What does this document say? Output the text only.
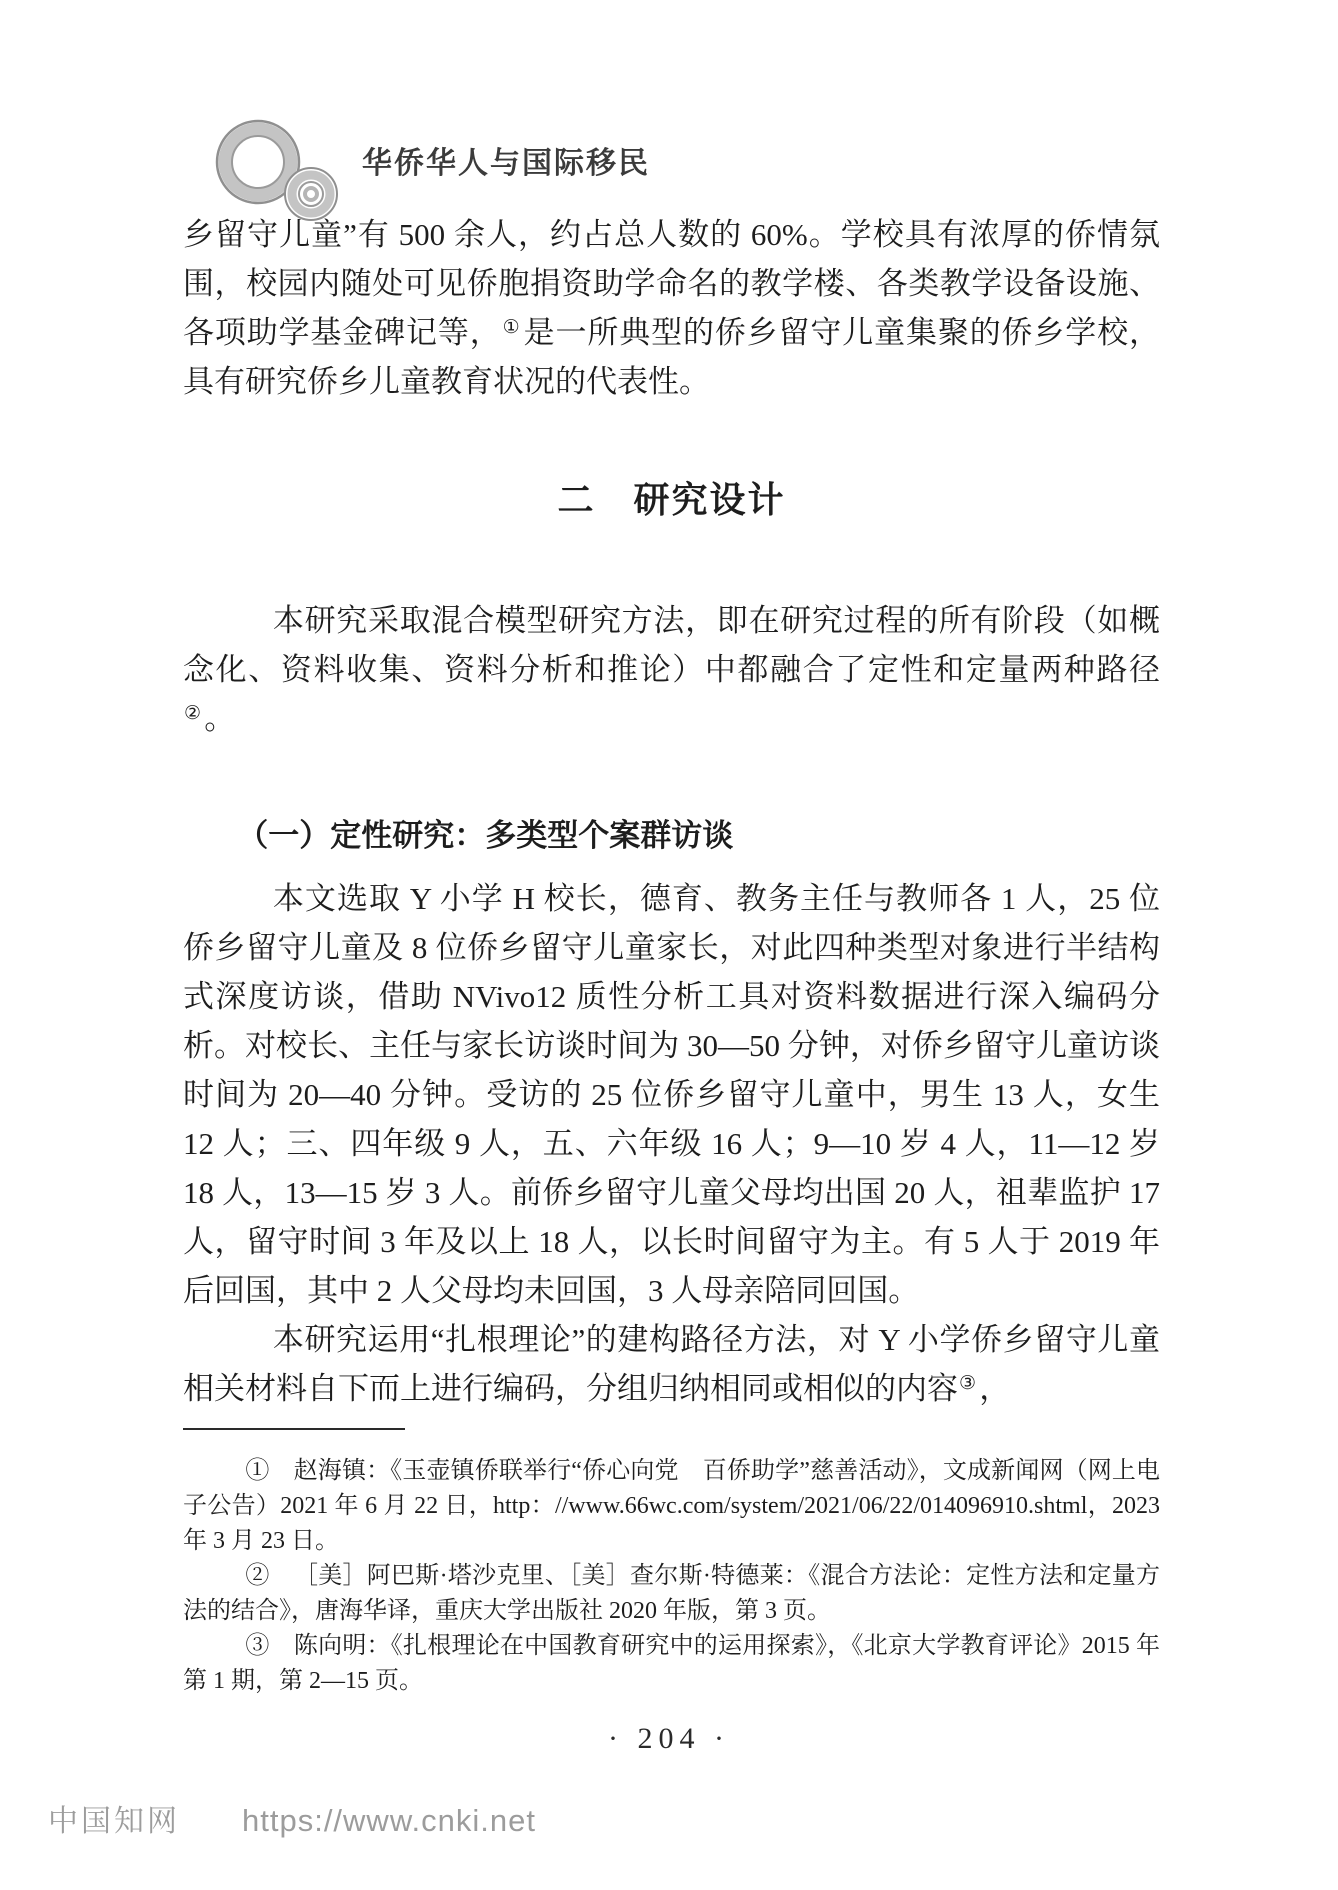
华侨华人与国际移民
乡留守儿童”有 500 余人，约占总人数的 60%。学校具有浓厚的侨情氛围，校园内随处可见侨胞捐资助学命名的教学楼、各类教学设备设施、各项助学基金碑记等，①是一所典型的侨乡留守儿童集聚的侨乡学校，具有研究侨乡儿童教育状况的代表性。
二　研究设计
本研究采取混合模型研究方法，即在研究过程的所有阶段（如概念化、资料收集、资料分析和推论）中都融合了定性和定量两种路径②。
（一）定性研究：多类型个案群访谈
本文选取 Y 小学 H 校长，德育、教务主任与教师各 1 人，25 位侨乡留守儿童及 8 位侨乡留守儿童家长，对此四种类型对象进行半结构式深度访谈，借助 NVivo12 质性分析工具对资料数据进行深入编码分析。对校长、主任与家长访谈时间为 30—50 分钟，对侨乡留守儿童访谈时间为 20—40 分钟。受访的 25 位侨乡留守儿童中，男生 13 人，女生 12 人；三、四年级 9 人，五、六年级 16 人；9—10 岁 4 人，11—12 岁 18 人，13—15 岁 3 人。前侨乡留守儿童父母均出国 20 人，祖辈监护 17 人，留守时间 3 年及以上 18 人，以长时间留守为主。有 5 人于 2019 年后回国，其中 2 人父母均未回国，3 人母亲陪同回国。
本研究运用“扎根理论”的建构路径方法，对 Y 小学侨乡留守儿童相关材料自下而上进行编码，分组归纳相同或相似的内容③，

① 赵海镇：《玉壶镇侨联举行“侨心向党　百侨助学”慈善活动》，文成新闻网（网上电子公告）2021 年 6 月 22 日，http：//www.66wc.com/system/2021/06/22/014096910.shtml，2023 年 3 月 23 日。

② ［美］阿巴斯·塔沙克里、［美］查尔斯·特德莱：《混合方法论：定性方法和定量方法的结合》，唐海华译，重庆大学出版社 2020 年版，第 3 页。

③ 陈向明：《扎根理论在中国教育研究中的运用探索》，《北京大学教育评论》2015 年第 1 期，第 2—15 页。

· 204 ·
中国知网 https://www.cnki.net
